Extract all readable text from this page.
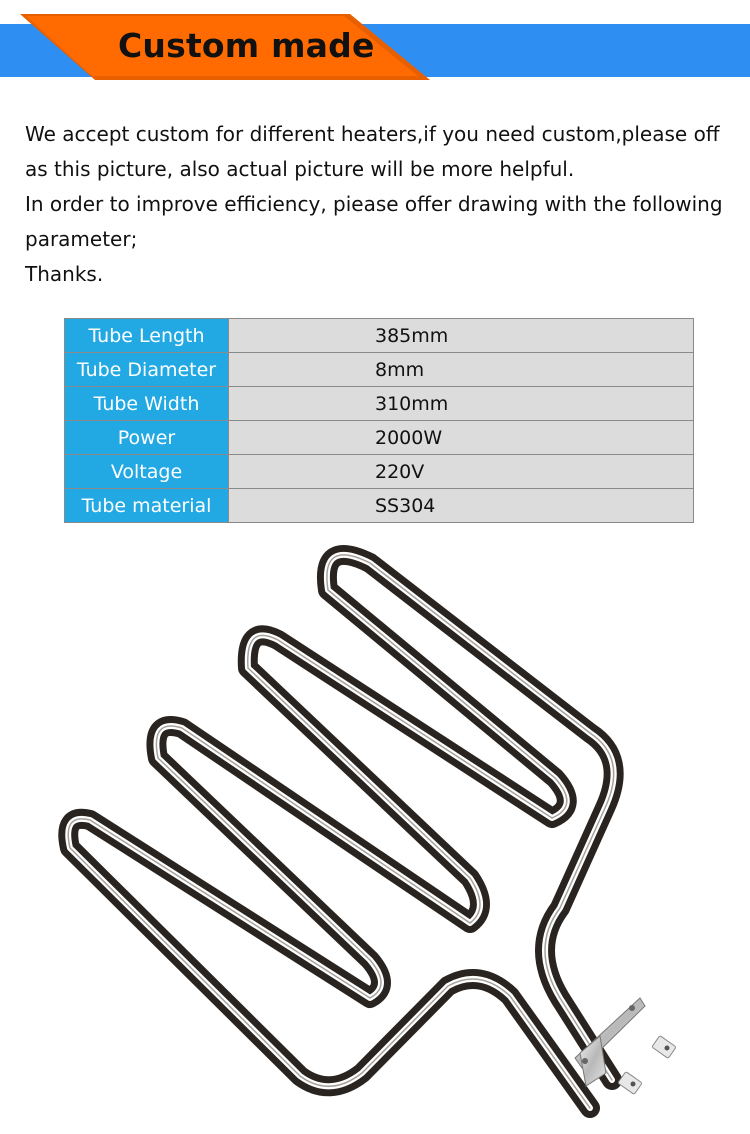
Custom made

We accept custom for different heaters,if you need custom,please off

as this picture, also actual picture will be more helpful.

In order to improve efficiency, piease offer drawing with the following

parameter;

Thanks.

Tube Length	385mm
Tube Diameter	8mm
Tube Width	310mm
Power	2000W
Voltage	220V
Tube material	SS304
